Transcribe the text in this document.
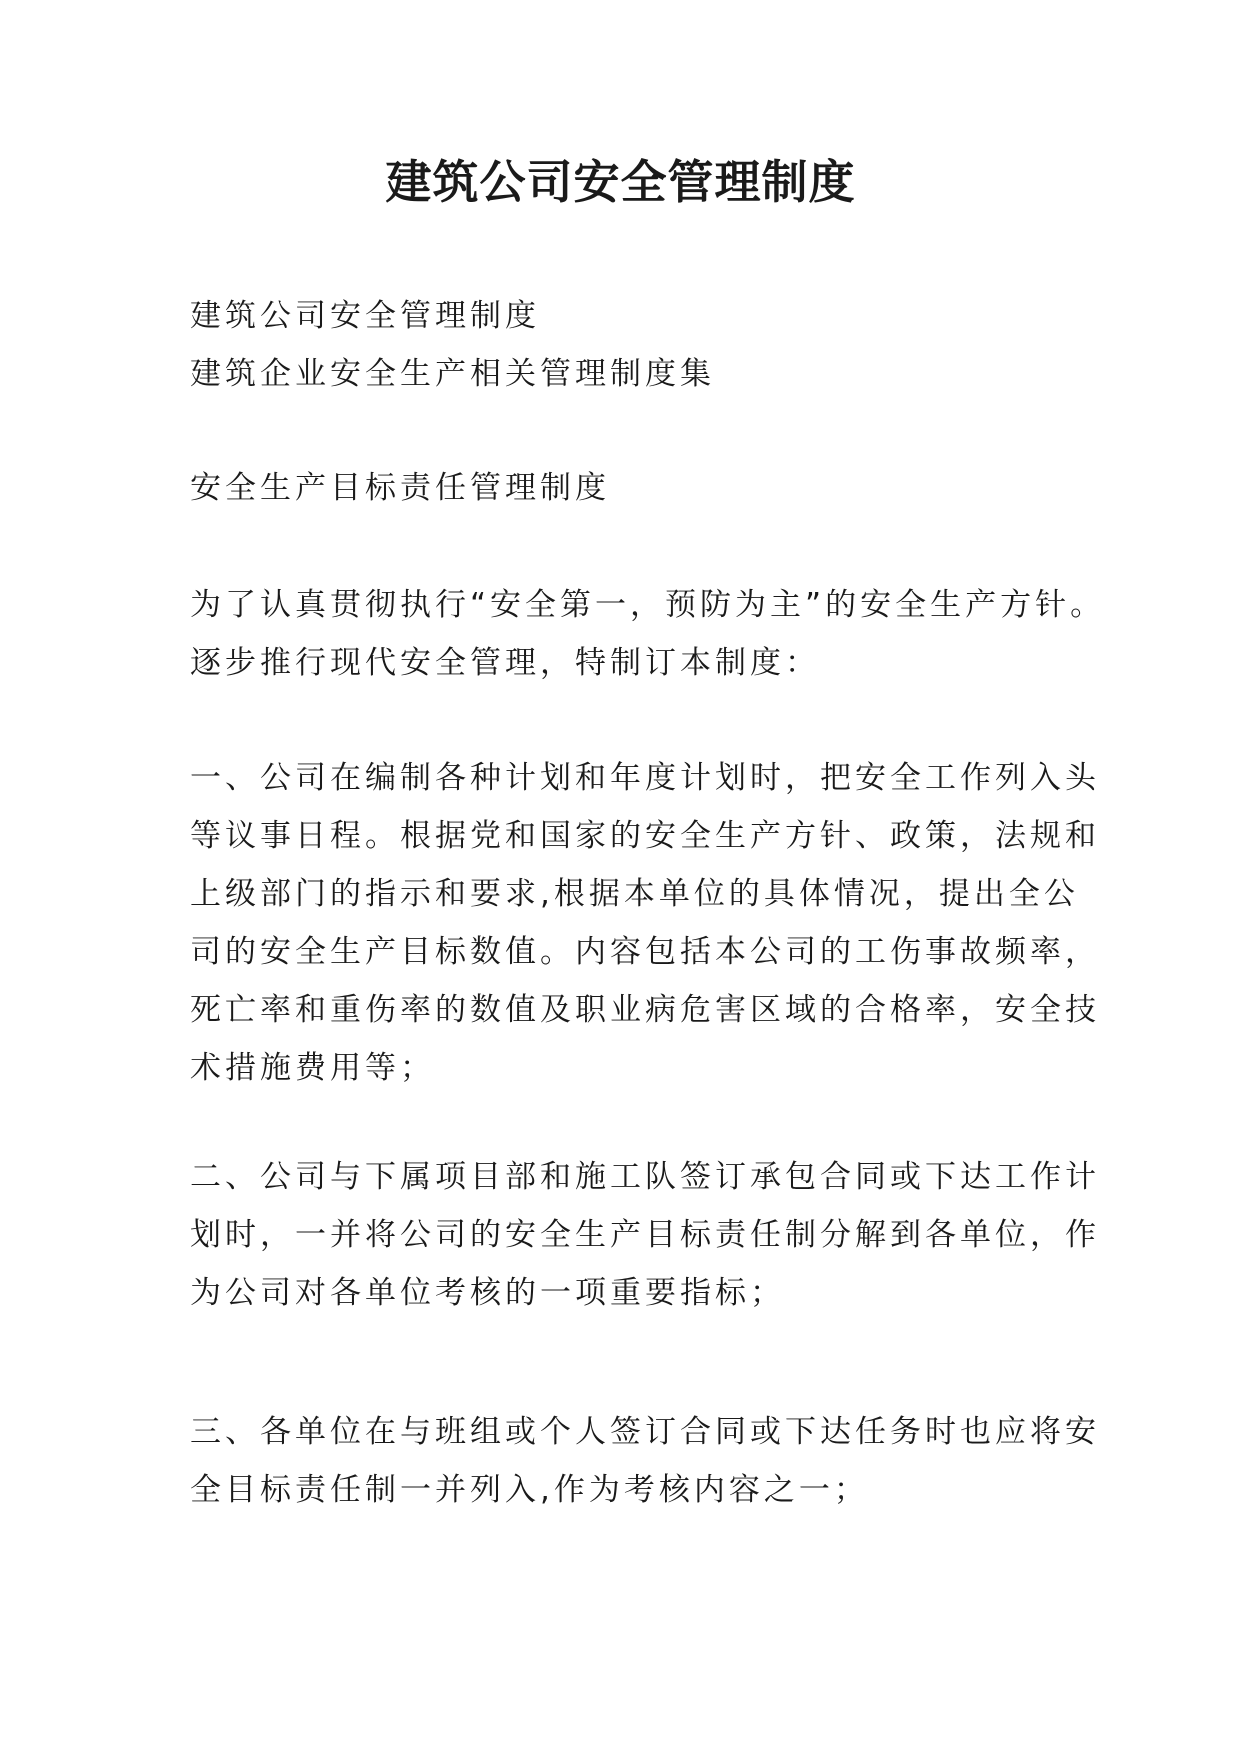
建筑公司安全管理制度

建筑公司安全管理制度

建筑企业安全生产相关管理制度集

安全生产目标责任管理制度

为了认真贯彻执行“安全第一，预防为主”的安全生产方针。

逐步推行现代安全管理，特制订本制度：

一、公司在编制各种计划和年度计划时，把安全工作列入头

等议事日程。根据党和国家的安全生产方针、政策，法规和

上级部门的指示和要求,根据本单位的具体情况，提出全公

司的安全生产目标数值。内容包括本公司的工伤事故频率，

死亡率和重伤率的数值及职业病危害区域的合格率，安全技

术措施费用等；

二、公司与下属项目部和施工队签订承包合同或下达工作计

划时，一并将公司的安全生产目标责任制分解到各单位，作

为公司对各单位考核的一项重要指标；

三、各单位在与班组或个人签订合同或下达任务时也应将安

全目标责任制一并列入,作为考核内容之一；
